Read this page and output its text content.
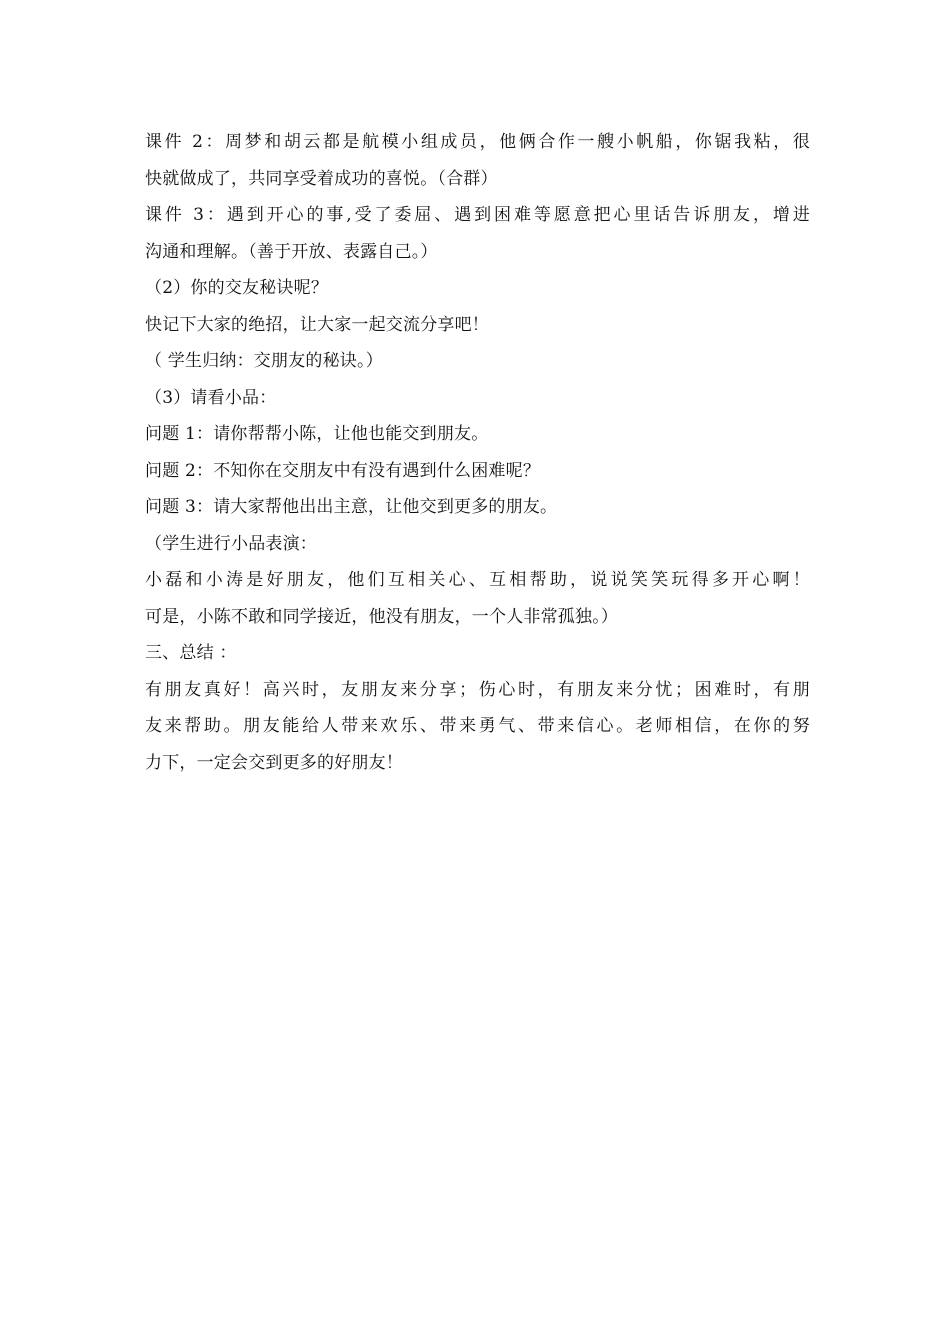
课件 2：周梦和胡云都是航模小组成员，他俩合作一艘小帆船，你锯我粘，很
快就做成了，共同享受着成功的喜悦。（合群）
课件 3：遇到开心的事,受了委屈、遇到困难等愿意把心里话告诉朋友，增进
沟通和理解。（善于开放、表露自己。）
（2）你的交友秘诀呢？
快记下大家的绝招，让大家一起交流分享吧！
（ 学生归纳：交朋友的秘诀。）
（3）请看小品：
问题 1：请你帮帮小陈，让他也能交到朋友。
问题 2：不知你在交朋友中有没有遇到什么困难呢？
问题 3：请大家帮他出出主意，让他交到更多的朋友。
（学生进行小品表演：
小磊和小涛是好朋友，他们互相关心、互相帮助，说说笑笑玩得多开心啊！
可是，小陈不敢和同学接近，他没有朋友，一个人非常孤独。）
三、总结 ：
有朋友真好！高兴时，友朋友来分享；伤心时，有朋友来分忧；困难时，有朋
友来帮助。朋友能给人带来欢乐、带来勇气、带来信心。老师相信，在你的努
力下，一定会交到更多的好朋友！
